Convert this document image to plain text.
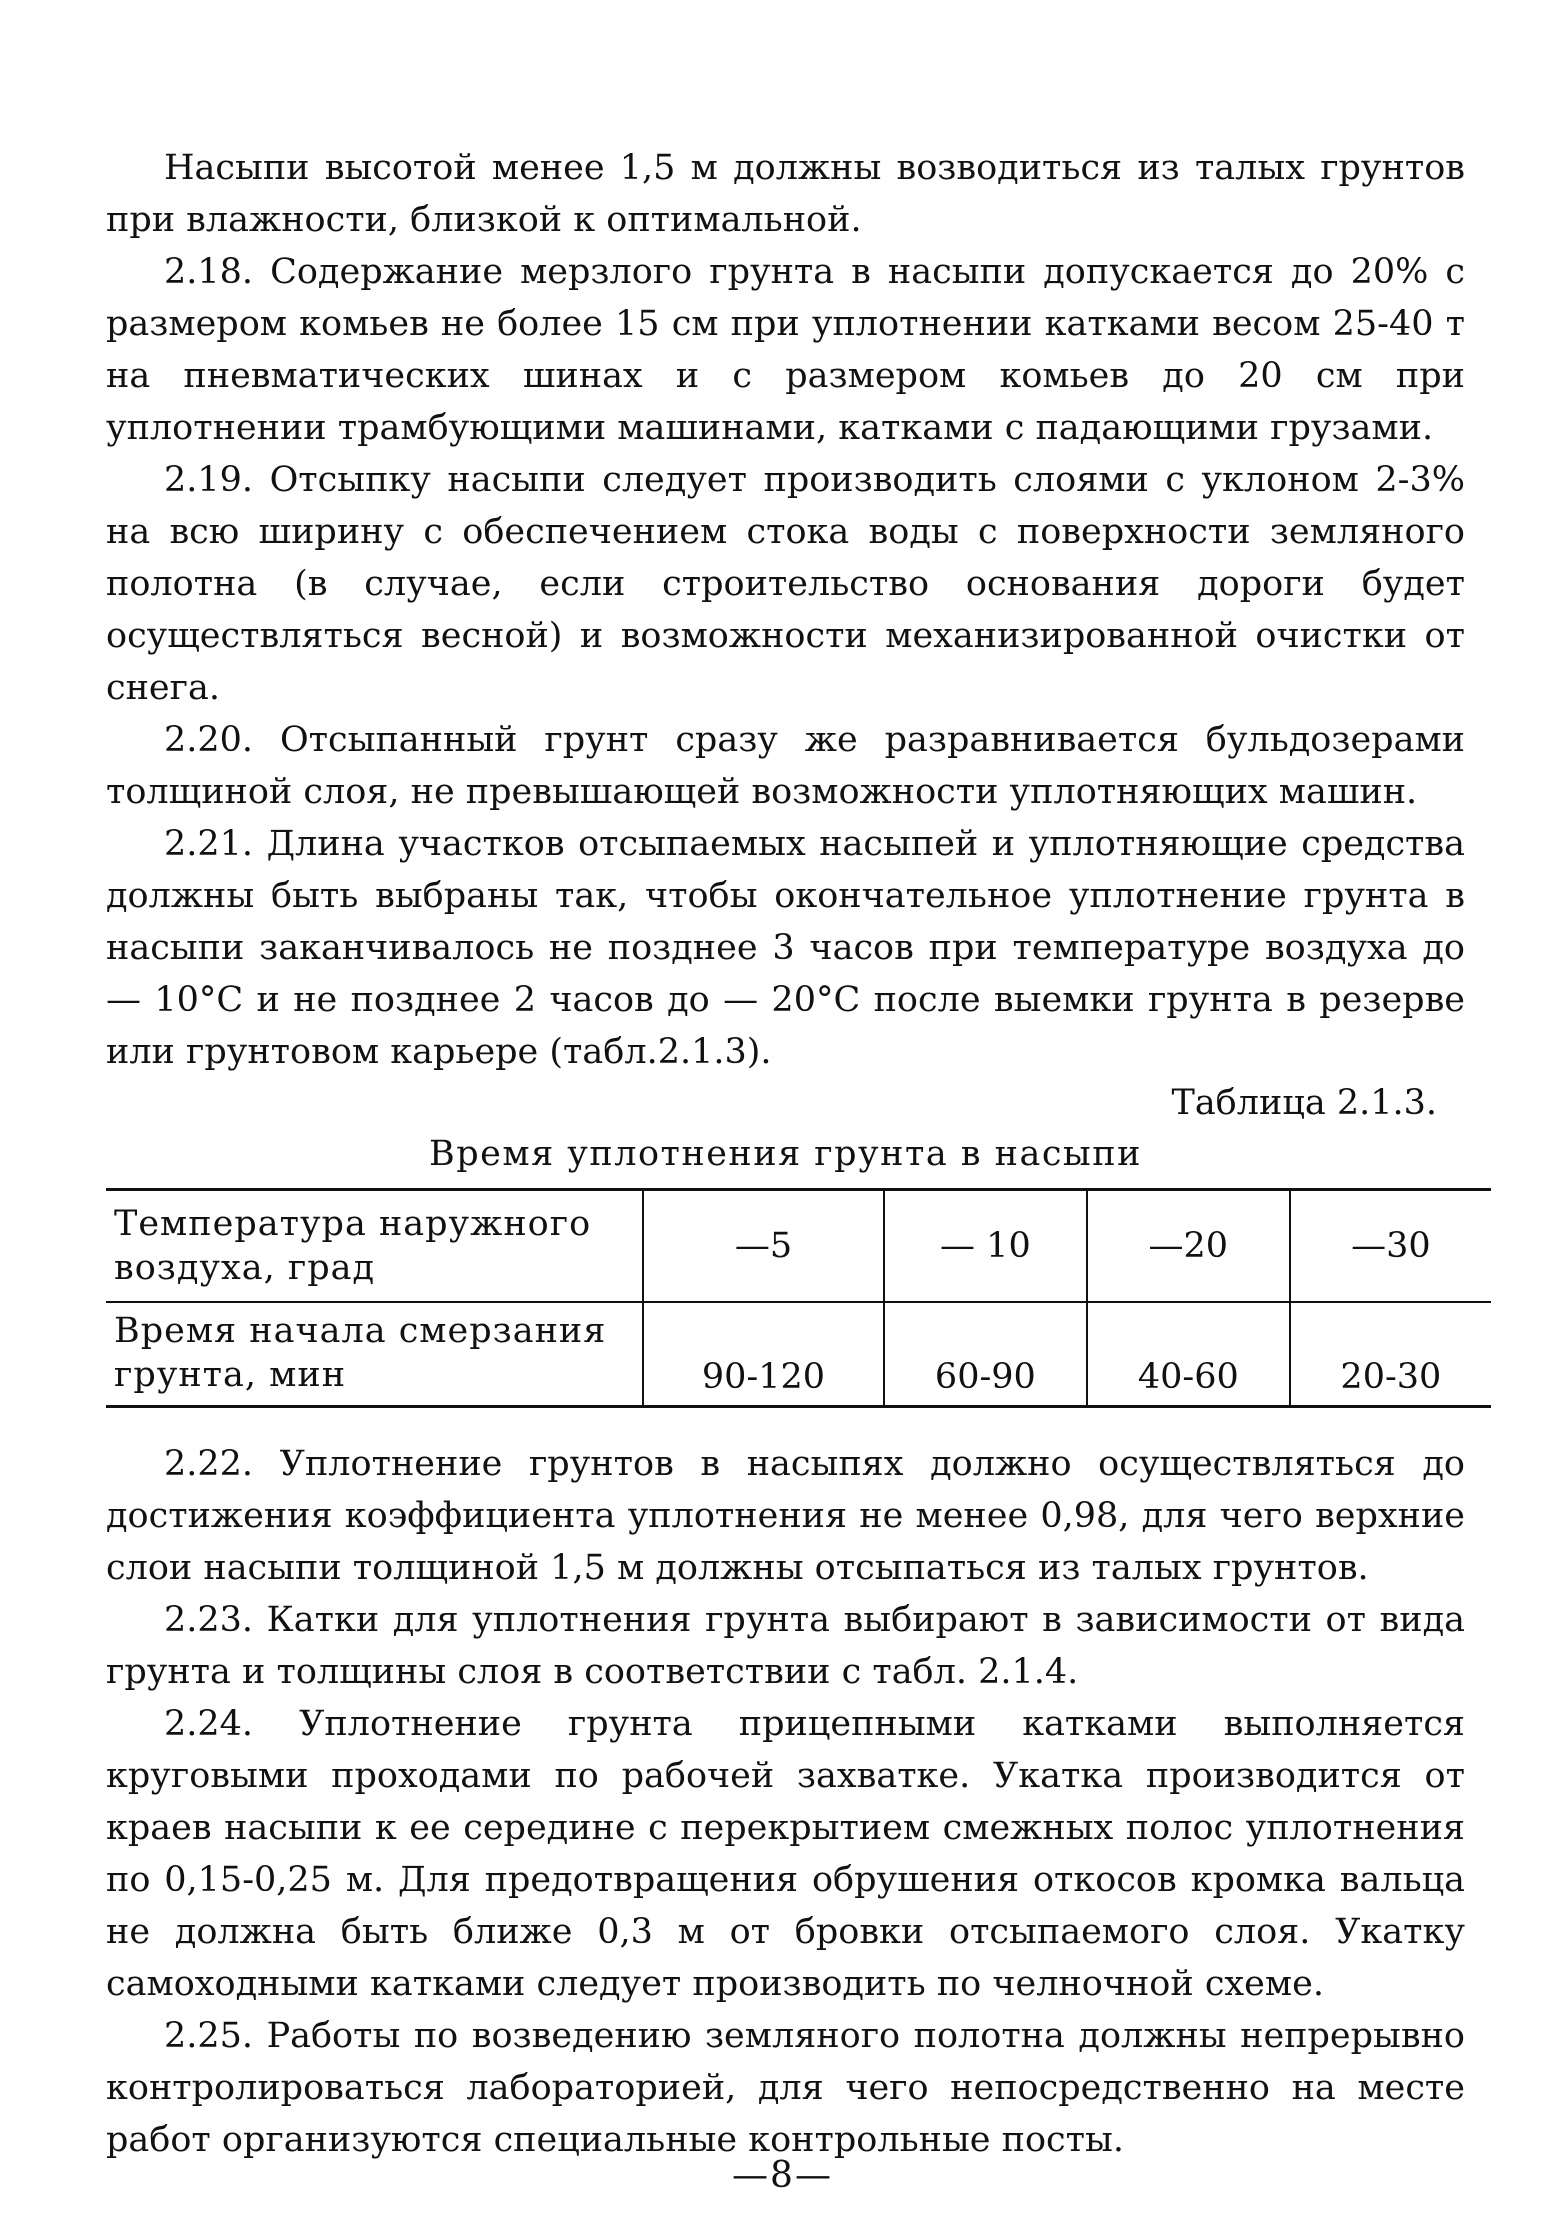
Насыпи высотой менее 1,5 м должны возводиться из талых грунтов при влажности, близкой к оптимальной.

2.18. Содержание мерзлого грунта в насыпи допускается до 20% с размером комьев не более 15 см при уплотнении катками весом 25-40 т на пневматических шинах и с размером комьев до 20 см при уплотнении трамбующими машинами, катками с падающими грузами.

2.19. Отсыпку насыпи следует производить слоями с уклоном 2-3% на всю ширину с обеспечением стока воды с поверхности земляного полотна (в случае, если строительство основания дороги будет осуществляться весной) и возможности механизированной очистки от снега.

2.20. Отсыпанный грунт сразу же разравнивается бульдозерами толщиной слоя, не превышающей возможности уплотняющих машин.

2.21. Длина участков отсыпаемых насыпей и уплотняющие средства должны быть выбраны так, чтобы окончательное уплотнение грунта в насыпи заканчивалось не позднее 3 часов при температуре воздуха до — 10°С и не позднее 2 часов до — 20°С после выемки грунта в резерве или грунтовом карьере (табл.2.1.3).

Таблица 2.1.3.
Время уплотнения грунта в насыпи
Температура наружного воздуха, град	—5	— 10	—20	—30
Время начала смерзания грунта, мин	90-120	60-90	40-60	20-30

2.22. Уплотнение грунтов в насыпях должно осуществляться до достижения коэффициента уплотнения не менее 0,98, для чего верхние слои насыпи толщиной 1,5 м должны отсыпаться из талых грунтов.

2.23. Катки для уплотнения грунта выбирают в зависимости от вида грунта и толщины слоя в соответствии с табл. 2.1.4.

2.24. Уплотнение грунта прицепными катками выполняется круговыми проходами по рабочей захватке. Укатка производится от краев насыпи к ее середине с перекрытием смежных полос уплотнения по 0,15-0,25 м. Для предотвращения обрушения откосов кромка вальца не должна быть ближе 0,3 м от бровки отсыпаемого слоя. Укатку самоходными катками следует производить по челночной схеме.

2.25. Работы по возведению земляного полотна должны непрерывно контролироваться лабораторией, для чего непосредственно на месте работ организуются специальные контрольные посты.

—8—
